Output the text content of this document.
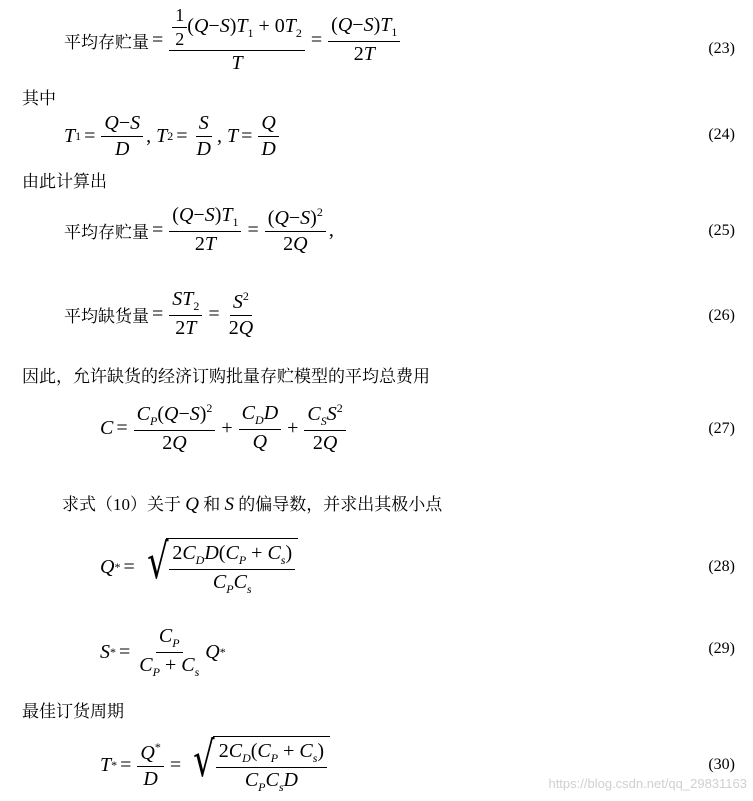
平均存贮量 = $\frac{\frac{1}{2} (Q-S)T_1 + 0T_2}{T} = \frac{(Q-S)T_1}{2T}$	(23)
其中
T $1 = \frac{Q-S}{D}$ , T $2 = \frac{S}{D}$ , $T = \frac{Q}{D}$	(24)
由此计算出
平均存贮量 = $\frac{(Q-S)T_1}{2T} = \frac{(Q-S)^2}{2Q}$ ,	(25)
平均缺货量 = $\frac{ST_2}{2T} = \frac{S^2}{2Q}$	(26)
因此，允许缺货的经济订购批量存贮模型的平均总费用
$C = \frac{C_P(Q-S)^2}{2Q} + \frac{C_DD}{Q} + \frac{C_SS^2}{2Q}$	(27)
求式（10）关于 Q 和 S 的偏导数，并求出其极小点
Q * = √ $\frac{2C_DD(C_P + C_s)}{C_PC_s}$	(28)
S * = $\frac{C_P}{C_P + C_s}$ Q *	(29)
最佳订货周期
T * = $\frac{Q^*}{D}$ = √ $\frac{2C_D(C_P + C_s)}{C_PC_sD}$	(30)
https://blog.csdn.net/qq_29831163
